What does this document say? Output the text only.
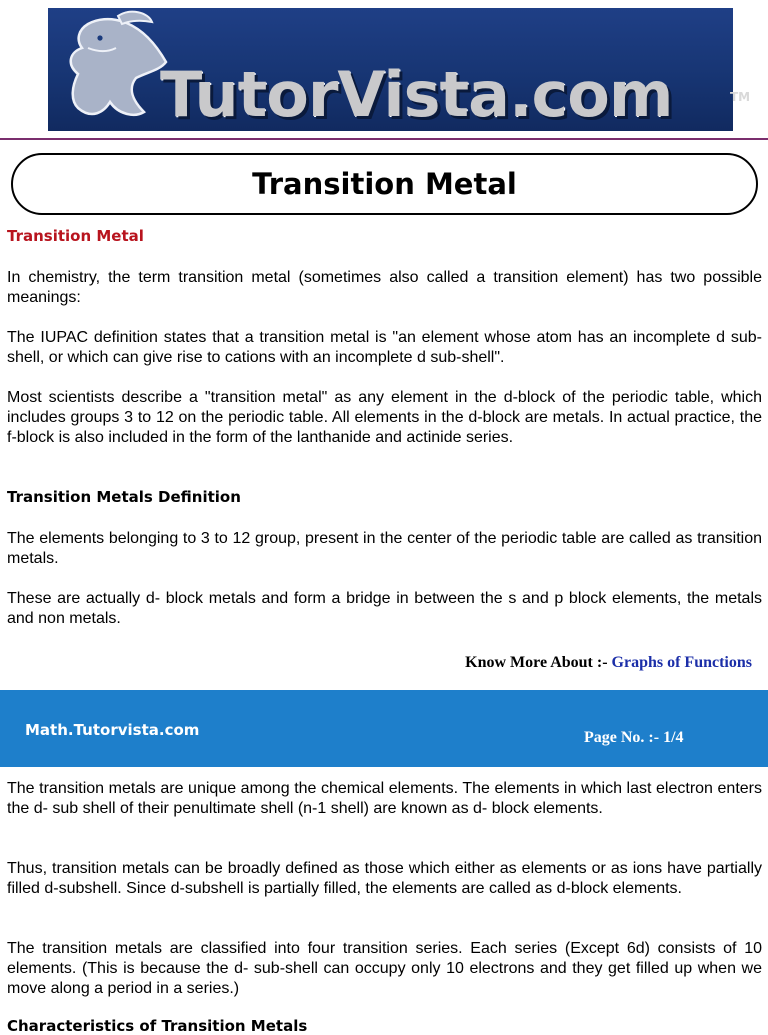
TutorVista.com	TM
Transition Metal
Transition Metal

In chemistry, the term transition metal (sometimes also called a transition element) has two possible meanings:

The IUPAC definition states that a transition metal is "an element whose atom has an incomplete d sub-shell, or which can give rise to cations with an incomplete d sub-shell".

Most scientists describe a "transition metal" as any element in the d-block of the periodic table, which includes groups 3 to 12 on the periodic table. All elements in the d-block are metals. In actual practice, the f-block is also included in the form of the lanthanide and actinide series.

Transition Metals Definition

The elements belonging to 3 to 12 group, present in the center of the periodic table are called as transition metals.

These are actually d- block metals and form a bridge in between the s and p block elements, the metals and non metals.

Know More About :- Graphs of Functions

Math.Tutorvista.com	Page No. :- 1/4

The transition metals are unique among the chemical elements. The elements in which last electron enters the d- sub shell of their penultimate shell (n-1 shell) are known as d- block elements.

Thus, transition metals can be broadly defined as those which either as elements or as ions have partially filled d-subshell. Since d-subshell is partially filled, the elements are called as d-block elements.

The transition metals are classified into four transition series. Each series (Except 6d) consists of 10 elements. (This is because the d- sub-shell can occupy only 10 electrons and they get filled up when we move along a period in a series.)

Characteristics of Transition Metals
